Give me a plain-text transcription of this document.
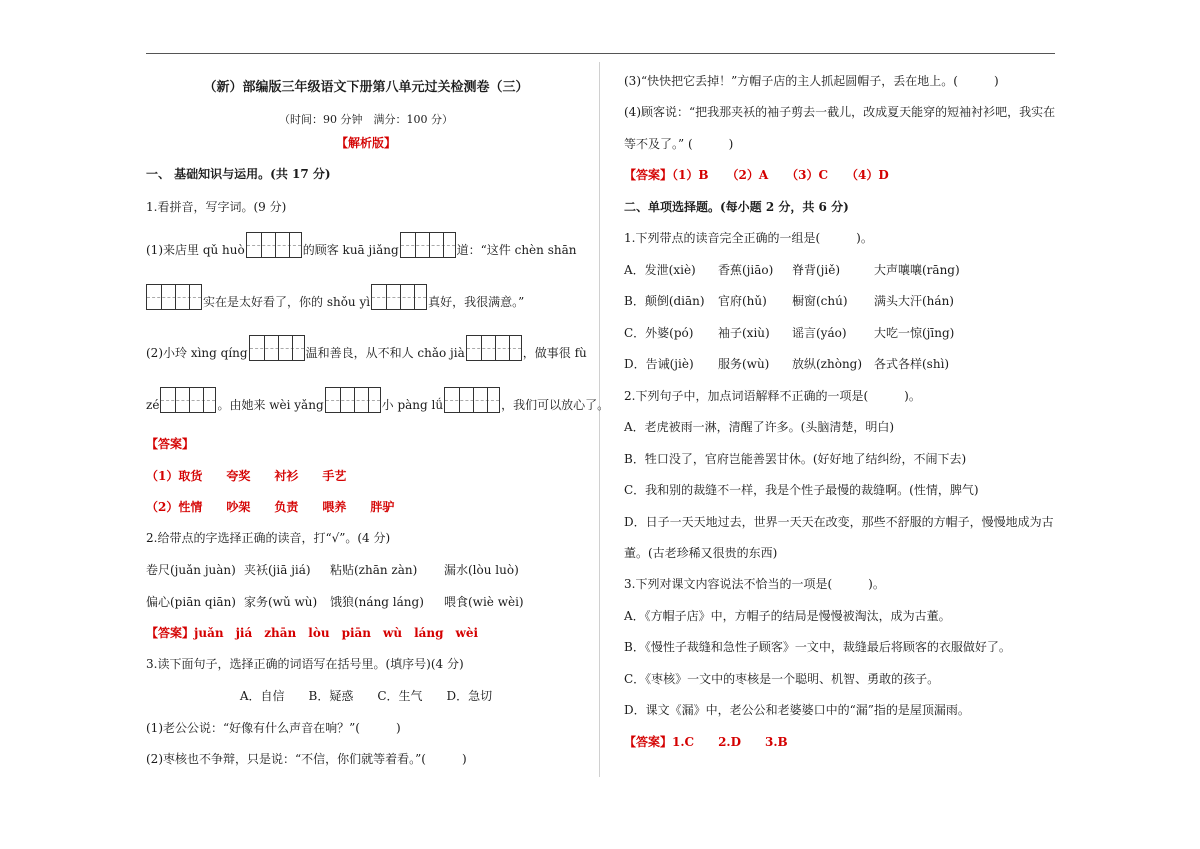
（新）部编版三年级语文下册第八单元过关检测卷（三）
（时间：90 分钟　满分：100 分）
【解析版】
一、 基础知识与运用。(共 17 分)
1.看拼音，写字词。(9 分)
(1)来店里 qǔ huò	的顾客 kuā jiǎng	道：“这件 chèn shān
实在是太好看了，你的 shǒu yì	真好，我很满意。”
(2)小玲 xìng qíng	温和善良，从不和人 chǎo jià	，做事很 fù
zé	。由她来 wèi yǎng	小 pàng lǘ	，我们可以放心了。
【答案】
（1）取货　　夸奖　　衬衫　　手艺
（2）性情　　吵架　　负责　　喂养　　胖驴
2.给带点的字选择正确的读音，打“√”。(4 分)
卷尺(juǎn juàn) 夹袄(jiā jiá) 粘贴(zhān zàn) 漏水(lòu luò)
偏心(piān qiān) 家务(wǔ wù) 饿狼(náng láng) 喂食(wiè wèi)
【答案】juǎn　jiá　zhān　lòu　piān　wù　láng　wèi
3.读下面句子，选择正确的词语写在括号里。(填序号)(4 分)
A．自信　　B．疑惑　　C．生气　　D．急切
(1)老公公说：“好像有什么声音在响？”(　　　)
(2)枣核也不争辩，只是说：“不信，你们就等着看。”(　　　)
(3)“快快把它丢掉！”方帽子店的主人抓起圆帽子，丢在地上。(　　　)
(4)顾客说：“把我那夹袄的袖子剪去一截儿，改成夏天能穿的短袖衬衫吧，我实在
等不及了。” (　　　)
【答案】（1）B　　（2）A　　（3）C　　（4）D
二、单项选择题。(每小题 2 分，共 6 分)
1.下列带点的读音完全正确的一组是(　　　)。
A．发泄(xiè) 香蕉(jiāo) 脊背(jiě)	大声嚷嚷(rāng)
B．颠倒(diān) 官府(hǔ) 橱窗(chú) 满头大汗(hán)
C．外婆(pó) 袖子(xiù) 谣言(yáo) 大吃一惊(jīng)
D．告诫(jiè) 服务(wù) 放纵(zhòng) 各式各样(shì)
2.下列句子中，加点词语解释不正确的一项是(　　　)。
A．老虎被雨一淋，清醒了许多。(头脑清楚，明白)
B．牲口没了，官府岂能善罢甘休。(好好地了结纠纷，不闹下去)
C．我和别的裁缝不一样，我是个性子最慢的裁缝啊。(性情，脾气)
D．日子一天天地过去，世界一天天在改变，那些不舒服的方帽子，慢慢地成为古
董。(古老珍稀又很贵的东西)
3.下列对课文内容说法不恰当的一项是(　　　)。
A．《方帽子店》中，方帽子的结局是慢慢被淘汰，成为古董。
B．《慢性子裁缝和急性子顾客》一文中，裁缝最后将顾客的衣服做好了。
C．《枣核》一文中的枣核是一个聪明、机智、勇敢的孩子。
D．课文《漏》中，老公公和老婆婆口中的“漏”指的是屋顶漏雨。
【答案】1.C　　2.D　　3.B
